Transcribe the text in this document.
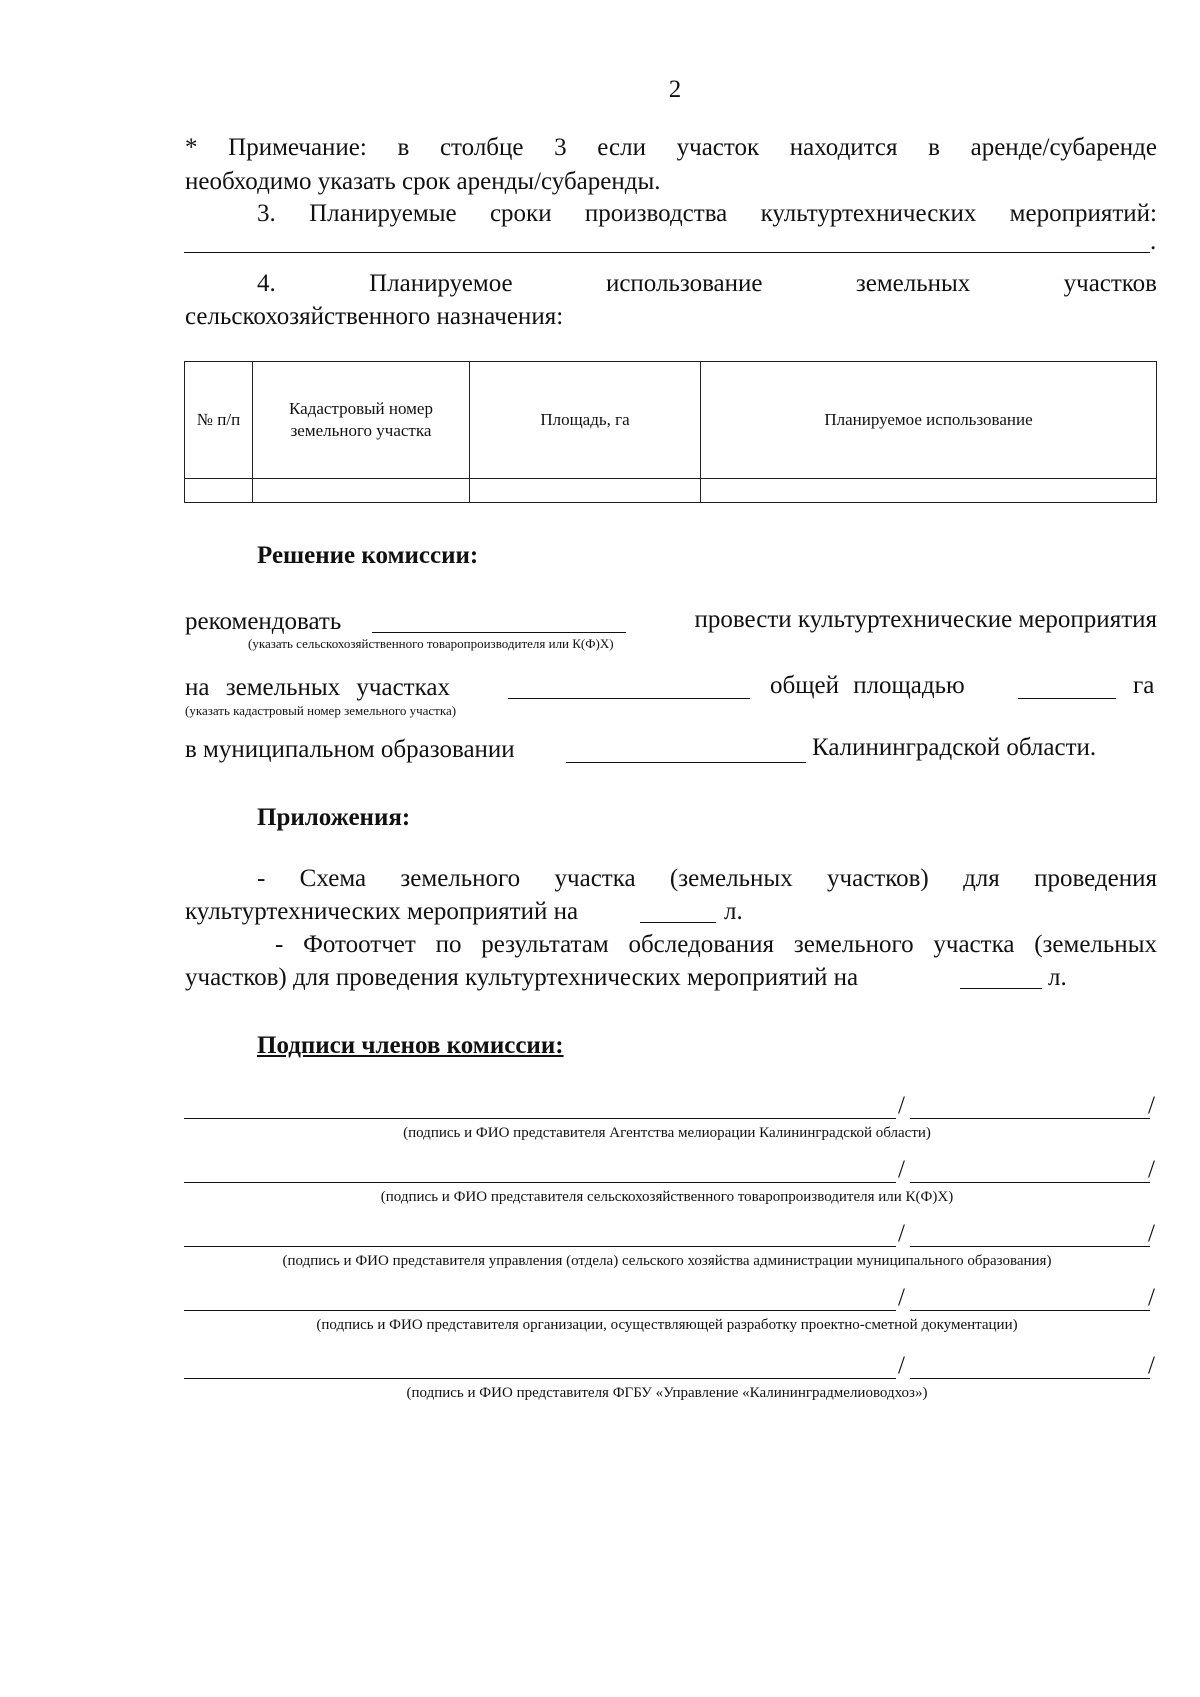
2
* Примечание: в столбце 3 если участок находится в аренде/субаренде
необходимо указать срок аренды/субаренды.
3. Планируемые сроки производства культуртехнических мероприятий:
.
4. Планируемое использование земельных участков
сельскохозяйственного назначения:
№ п/п	Кадастровый номер земельного участка	Площадь, га	Планируемое использование

Решение комиссии:
рекомендовать	провести культуртехнические мероприятия
(указать сельскохозяйственного товаропроизводителя или К(Ф)Х)
на земельных участках	общей площадью	га
(указать кадастровый номер земельного участка)
в муниципальном образовании	Калининградской области.
Приложения:
- Схема земельного участка (земельных участков) для проведения
культуртехнических мероприятий на	л.
- Фотоотчет по результатам обследования земельного участка (земельных
участков) для проведения культуртехнических мероприятий на	л.
Подписи членов комиссии:
/	/
(подпись и ФИО представителя Агентства мелиорации Калининградской области)
/	/
(подпись и ФИО представителя сельскохозяйственного товаропроизводителя или К(Ф)Х)
/	/
(подпись и ФИО представителя управления (отдела) сельского хозяйства администрации муниципального образования)
/	/
(подпись и ФИО представителя организации, осуществляющей разработку проектно-сметной документации)
/	/
(подпись и ФИО представителя ФГБУ «Управление «Калининградмелиоводхоз»)
